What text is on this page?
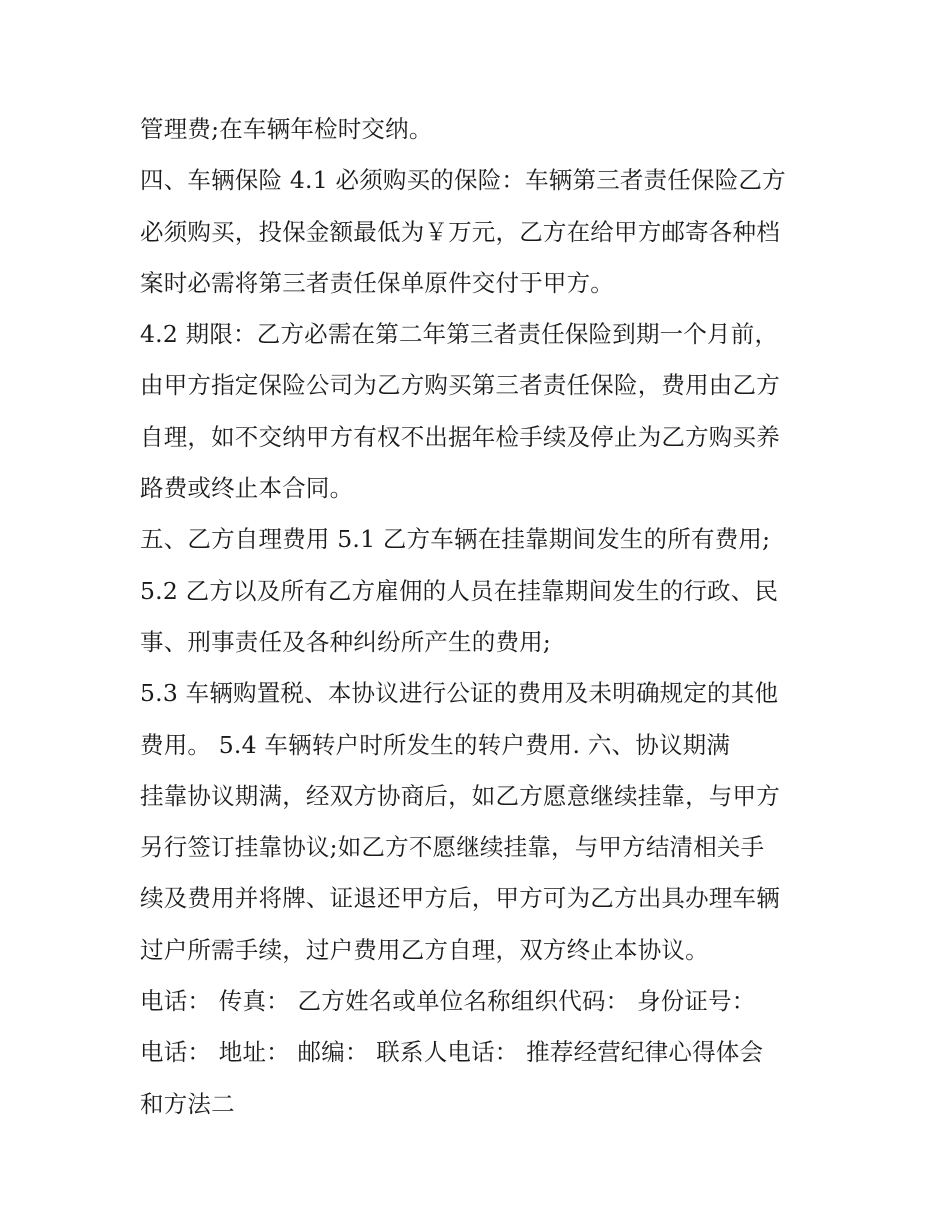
管理费;在车辆年检时交纳。
四、车辆保险 4.1 必须购买的保险：车辆第三者责任保险乙方
必须购买，投保金额最低为￥万元，乙方在给甲方邮寄各种档
案时必需将第三者责任保单原件交付于甲方。
4.2 期限：乙方必需在第二年第三者责任保险到期一个月前，
由甲方指定保险公司为乙方购买第三者责任保险，费用由乙方
自理，如不交纳甲方有权不出据年检手续及停止为乙方购买养
路费或终止本合同。
五、乙方自理费用 5.1 乙方车辆在挂靠期间发生的所有费用;
5.2 乙方以及所有乙方雇佣的人员在挂靠期间发生的行政、民
事、刑事责任及各种纠纷所产生的费用;
5.3 车辆购置税、本协议进行公证的费用及未明确规定的其他
费用。 5.4 车辆转户时所发生的转户费用. 六、协议期满
挂靠协议期满，经双方协商后，如乙方愿意继续挂靠，与甲方
另行签订挂靠协议;如乙方不愿继续挂靠，与甲方结清相关手
续及费用并将牌、证退还甲方后，甲方可为乙方出具办理车辆
过户所需手续，过户费用乙方自理，双方终止本协议。
电话： 传真： 乙方姓名或单位名称组织代码： 身份证号：
电话： 地址： 邮编： 联系人电话： 推荐经营纪律心得体会
和方法二
